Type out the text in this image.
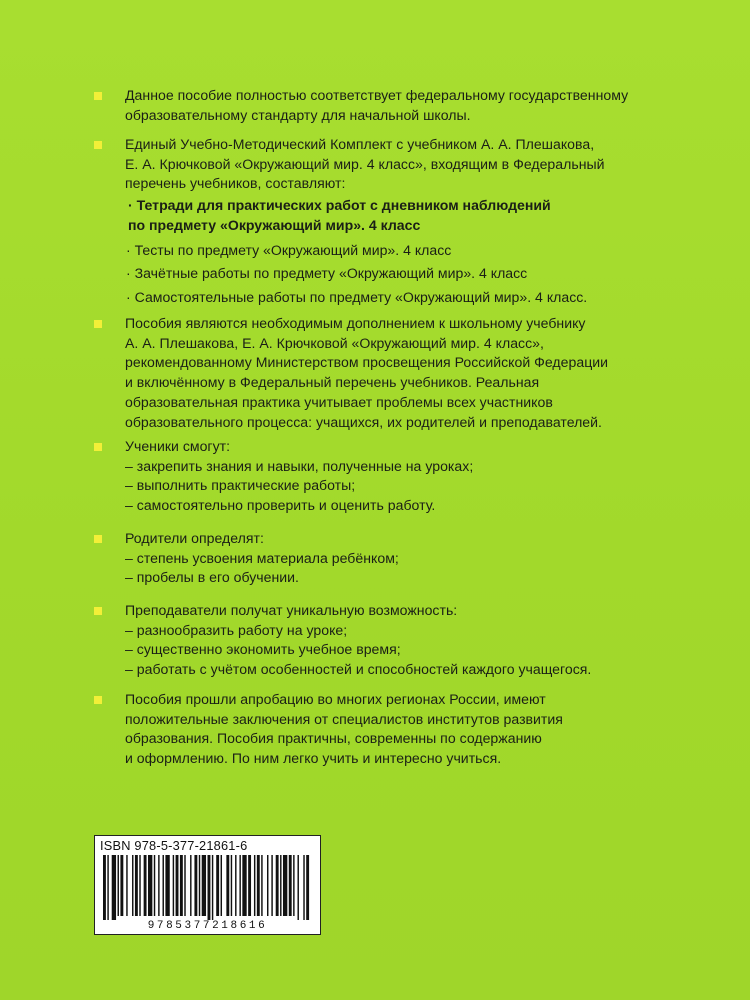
Данное пособие полностью соответствует федеральному государственному
образовательному стандарту для начальной школы.
Единый Учебно-Методический Комплект с учебником А. А. Плешакова,
Е. А. Крючковой «Окружающий мир. 4 класс», входящим в Федеральный
перечень учебников, составляют:
· Тетради для практических работ с дневником наблюдений
по предмету «Окружающий мир». 4 класс
· Тесты по предмету «Окружающий мир». 4 класс
· Зачётные работы по предмету «Окружающий мир». 4 класс
· Самостоятельные работы по предмету «Окружающий мир». 4 класс.
Пособия являются необходимым дополнением к школьному учебнику
А. А. Плешакова, Е. А. Крючковой «Окружающий мир. 4 класс»,
рекомендованному Министерством просвещения Российской Федерации
и включённому в Федеральный перечень учебников. Реальная
образовательная практика учитывает проблемы всех участников
образовательного процесса: учащихся, их родителей и преподавателей.
Ученики смогут:
– закрепить знания и навыки, полученные на уроках;
– выполнить практические работы;
– самостоятельно проверить и оценить работу.
Родители определят:
– степень усвоения материала ребёнком;
– пробелы в его обучении.
Преподаватели получат уникальную возможность:
– разнообразить работу на уроке;
– существенно экономить учебное время;
– работать с учётом особенностей и способностей каждого учащегося.
Пособия прошли апробацию во многих регионах России, имеют
положительные заключения от специалистов институтов развития
образования. Пособия практичны, современны по содержанию
и оформлению. По ним легко учить и интересно учиться.
ISBN 978-5-377-21861-6
9785377218616
